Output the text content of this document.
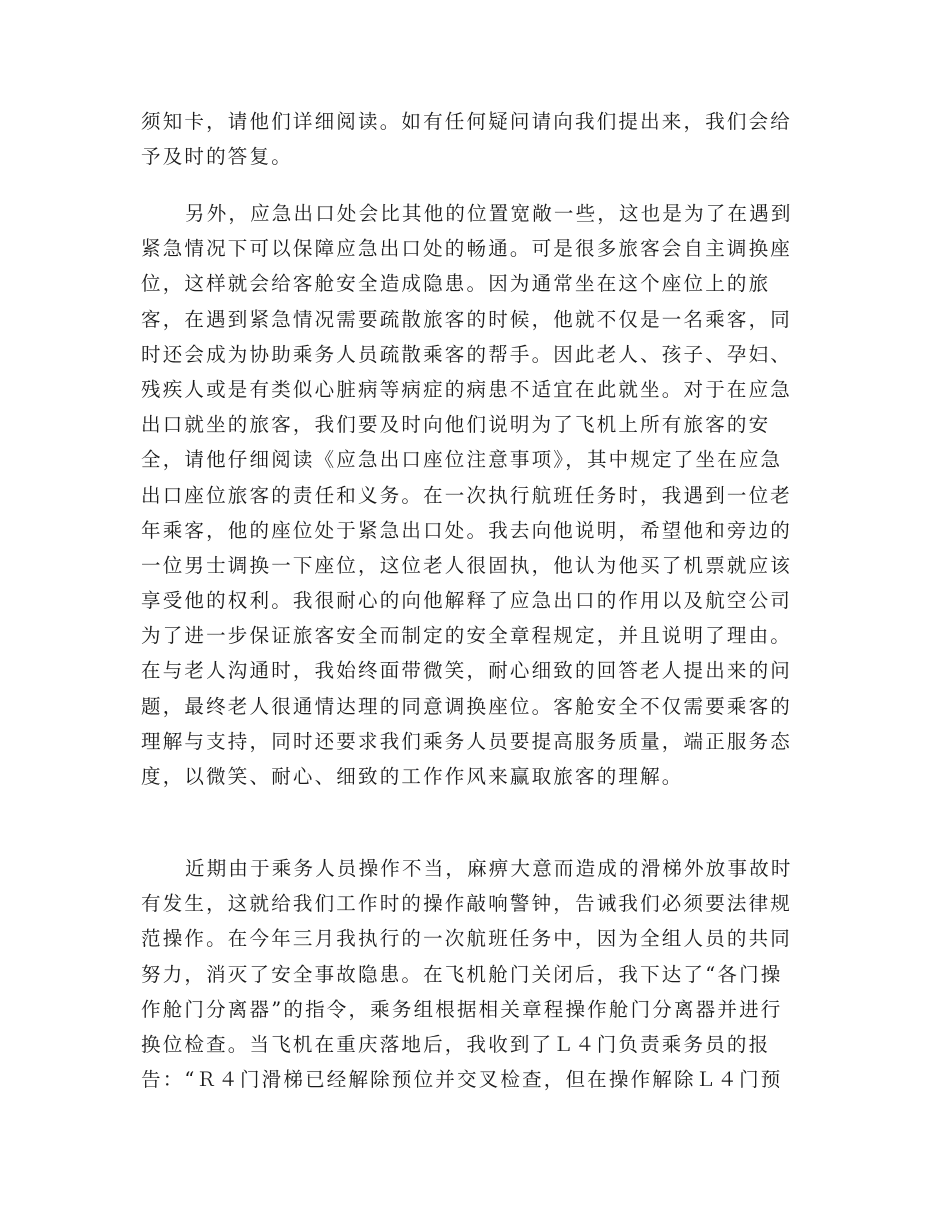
须知卡，请他们详细阅读。如有任何疑问请向我们提出来，我们会给
予及时的答复。
另外，应急出口处会比其他的位置宽敞一些，这也是为了在遇到
紧急情况下可以保障应急出口处的畅通。可是很多旅客会自主调换座
位，这样就会给客舱安全造成隐患。因为通常坐在这个座位上的旅
客，在遇到紧急情况需要疏散旅客的时候，他就不仅是一名乘客，同
时还会成为协助乘务人员疏散乘客的帮手。因此老人、孩子、孕妇、
残疾人或是有类似心脏病等病症的病患不适宜在此就坐。对于在应急
出口就坐的旅客，我们要及时向他们说明为了飞机上所有旅客的安
全，请他仔细阅读《应急出口座位注意事项》，其中规定了坐在应急
出口座位旅客的责任和义务。在一次执行航班任务时，我遇到一位老
年乘客，他的座位处于紧急出口处。我去向他说明，希望他和旁边的
一位男士调换一下座位，这位老人很固执，他认为他买了机票就应该
享受他的权利。我很耐心的向他解释了应急出口的作用以及航空公司
为了进一步保证旅客安全而制定的安全章程规定，并且说明了理由。
在与老人沟通时，我始终面带微笑，耐心细致的回答老人提出来的问
题，最终老人很通情达理的同意调换座位。客舱安全不仅需要乘客的
理解与支持，同时还要求我们乘务人员要提高服务质量，端正服务态
度，以微笑、耐心、细致的工作作风来赢取旅客的理解。
近期由于乘务人员操作不当，麻痹大意而造成的滑梯外放事故时
有发生，这就给我们工作时的操作敲响警钟，告诫我们必须要法律规
范操作。在今年三月我执行的一次航班任务中，因为全组人员的共同
努力，消灭了安全事故隐患。在飞机舱门关闭后，我下达了“各门操
作舱门分离器”的指令，乘务组根据相关章程操作舱门分离器并进行
换位检查。当飞机在重庆落地后，我收到了Ｌ４门负责乘务员的报
告：“Ｒ４门滑梯已经解除预位并交叉检查，但在操作解除Ｌ４门预
